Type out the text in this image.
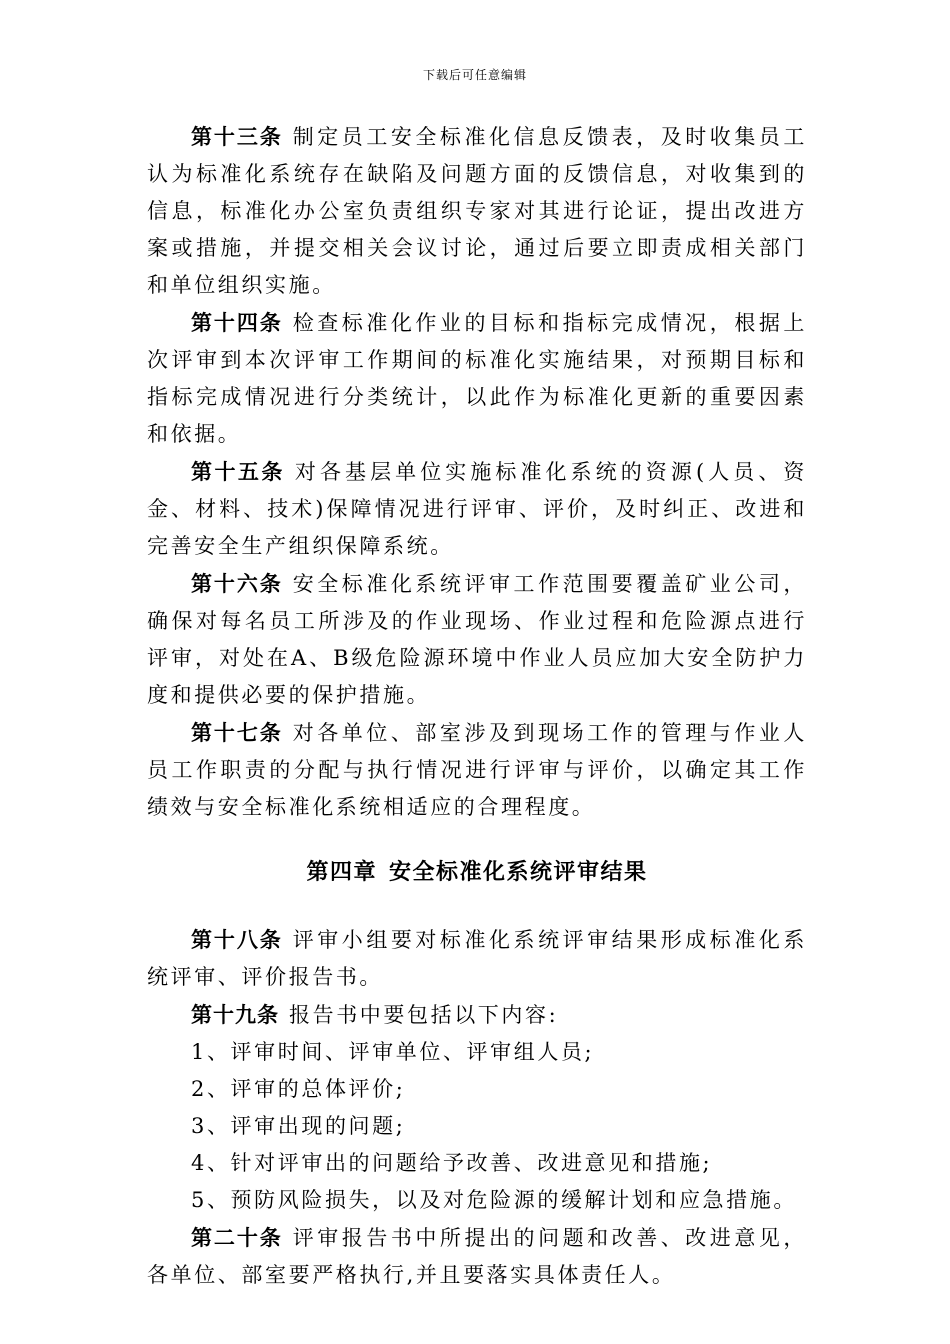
下载后可任意编辑

第十三条 制定员工安全标准化信息反馈表，及时收集员工认为标准化系统存在缺陷及问题方面的反馈信息，对收集到的信息，标准化办公室负责组织专家对其进行论证，提出改进方案或措施，并提交相关会议讨论，通过后要立即责成相关部门和单位组织实施。

第十四条 检查标准化作业的目标和指标完成情况，根据上次评审到本次评审工作期间的标准化实施结果，对预期目标和指标完成情况进行分类统计，以此作为标准化更新的重要因素和依据。

第十五条 对各基层单位实施标准化系统的资源(人员、资金、材料、技术)保障情况进行评审、评价，及时纠正、改进和完善安全生产组织保障系统。

第十六条 安全标准化系统评审工作范围要覆盖矿业公司，确保对每名员工所涉及的作业现场、作业过程和危险源点进行评审，对处在A、B级危险源环境中作业人员应加大安全防护力度和提供必要的保护措施。

第十七条 对各单位、部室涉及到现场工作的管理与作业人员工作职责的分配与执行情况进行评审与评价，以确定其工作绩效与安全标准化系统相适应的合理程度。

第四章 安全标准化系统评审结果

第十八条 评审小组要对标准化系统评审结果形成标准化系统评审、评价报告书。

第十九条 报告书中要包括以下内容:

1、评审时间、评审单位、评审组人员;

2、评审的总体评价;

3、评审出现的问题;

4、针对评审出的问题给予改善、改进意见和措施;

5、预防风险损失，以及对危险源的缓解计划和应急措施。

第二十条 评审报告书中所提出的问题和改善、改进意见，各单位、部室要严格执行,并且要落实具体责任人。
